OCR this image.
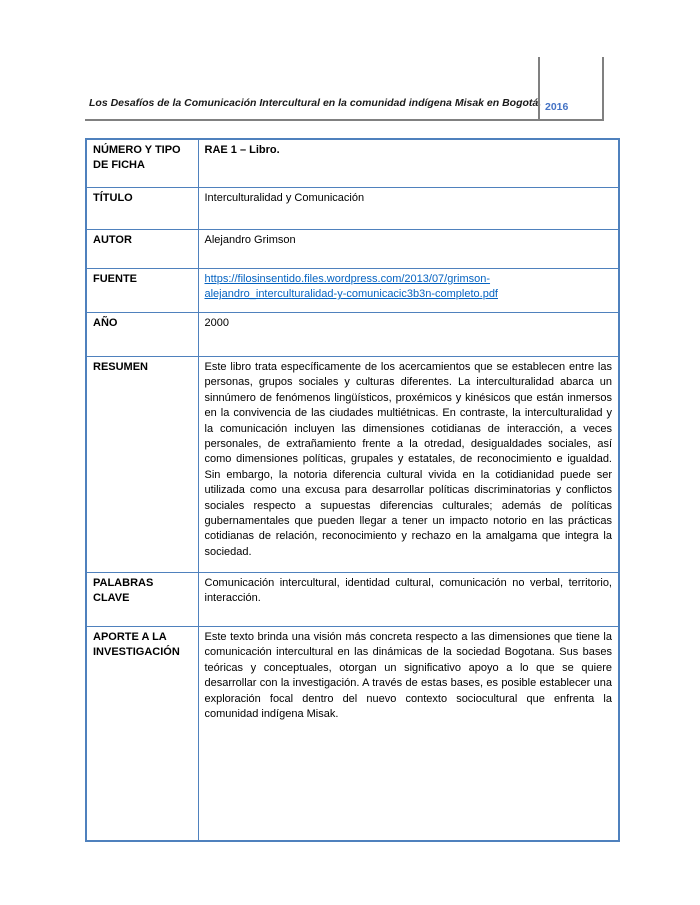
Los Desafíos de la Comunicación Intercultural en la comunidad indígena Misak en Bogotá. 2016
NÚMERO Y TIPO DE FICHA	RAE 1 – Libro.
TÍTULO	Interculturalidad y Comunicación
AUTOR	Alejandro Grimson
FUENTE	https://filosinsentido.files.wordpress.com/2013/07/grimson-alejandro_interculturalidad-y-comunicacic3b3n-completo.pdf
AÑO	2000
RESUMEN	Este libro trata específicamente de los acercamientos que se establecen entre las personas, grupos sociales y culturas diferentes. La interculturalidad abarca un sinnúmero de fenómenos lingüísticos, proxémicos y kinésicos que están inmersos en la convivencia de las ciudades multiétnicas. En contraste, la interculturalidad y la comunicación incluyen las dimensiones cotidianas de interacción, a veces personales, de extrañamiento frente a la otredad, desigualdades sociales, así como dimensiones políticas, grupales y estatales, de reconocimiento e igualdad. Sin embargo, la notoria diferencia cultural vivida en la cotidianidad puede ser utilizada como una excusa para desarrollar políticas discriminatorias y conflictos sociales respecto a supuestas diferencias culturales; además de políticas gubernamentales que pueden llegar a tener un impacto notorio en las prácticas cotidianas de relación, reconocimiento y rechazo en la amalgama que integra la sociedad.
PALABRAS CLAVE	Comunicación intercultural, identidad cultural, comunicación no verbal, territorio, interacción.
APORTE A LA INVESTIGACIÓN	Este texto brinda una visión más concreta respecto a las dimensiones que tiene la comunicación intercultural en las dinámicas de la sociedad Bogotana. Sus bases teóricas y conceptuales, otorgan un significativo apoyo a lo que se quiere desarrollar con la investigación. A través de estas bases, es posible establecer una exploración focal dentro del nuevo contexto sociocultural que enfrenta la comunidad indígena Misak.
